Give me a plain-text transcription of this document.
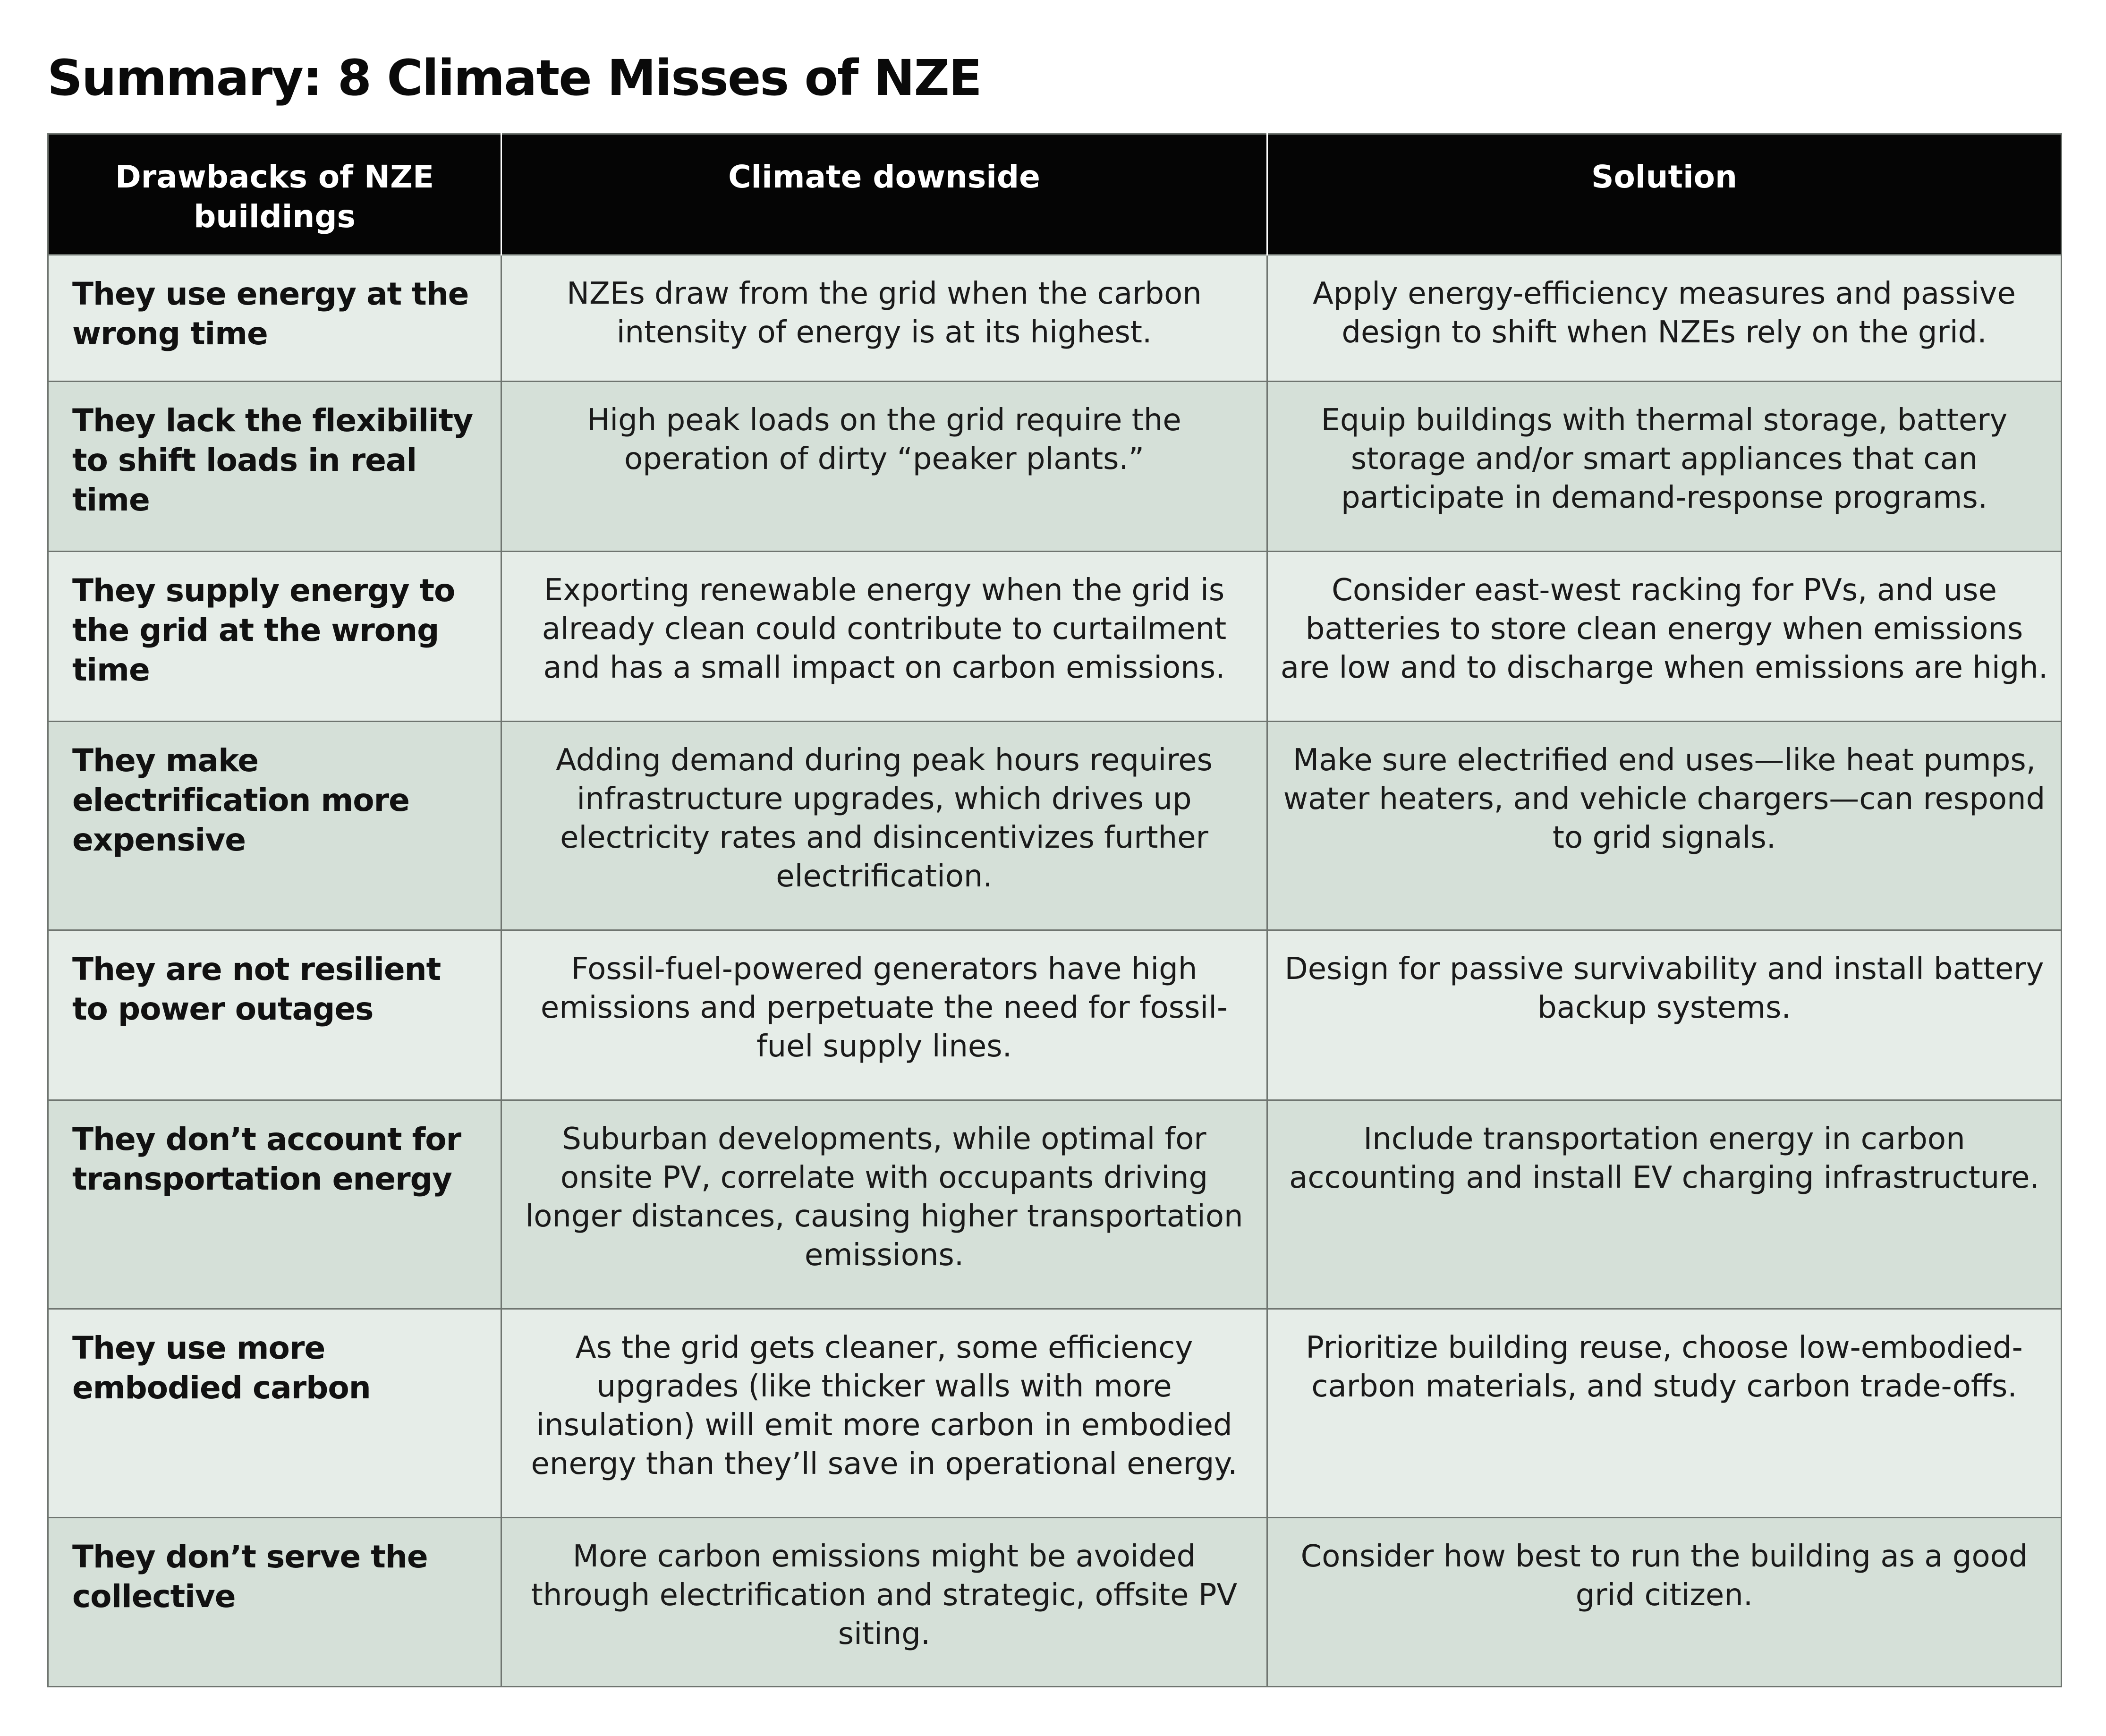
Summary: 8 Climate Misses of NZE
Drawbacks of NZE buildings	Climate downside	Solution
They use energy at the wrong time	NZEs draw from the grid when the carbon intensity of energy is at its highest.	Apply energy-efficiency measures and passive design to shift when NZEs rely on the grid.
They lack the flexibility to shift loads in real time	High peak loads on the grid require the operation of dirty “peaker plants.”	Equip buildings with thermal storage, battery storage and/or smart appliances that can participate in demand-response programs.
They supply energy to the grid at the wrong time	Exporting renewable energy when the grid is already clean could contribute to curtailment and has a small impact on carbon emissions.	Consider east-west racking for PVs, and use batteries to store clean energy when emissions are low and to discharge when emissions are high.
They make electrification more expensive	Adding demand during peak hours requires infrastructure upgrades, which drives up electricity rates and disincentivizes further electrification.	Make sure electrified end uses—like heat pumps, water heaters, and vehicle chargers—can respond to grid signals.
They are not resilient to power outages	Fossil-fuel-powered generators have high emissions and perpetuate the need for fossil-fuel supply lines.	Design for passive survivability and install battery backup systems.
They don’t account for transportation energy	Suburban developments, while optimal for onsite PV, correlate with occupants driving longer distances, causing higher transportation emissions.	Include transportation energy in carbon accounting and install EV charging infrastructure.
They use more embodied carbon	As the grid gets cleaner, some efficiency upgrades (like thicker walls with more insulation) will emit more carbon in embodied energy than they’ll save in operational energy.	Prioritize building reuse, choose low-embodied-carbon materials, and study carbon trade-offs.
They don’t serve the collective	More carbon emissions might be avoided through electrification and strategic, offsite PV siting.	Consider how best to run the building as a good grid citizen.
